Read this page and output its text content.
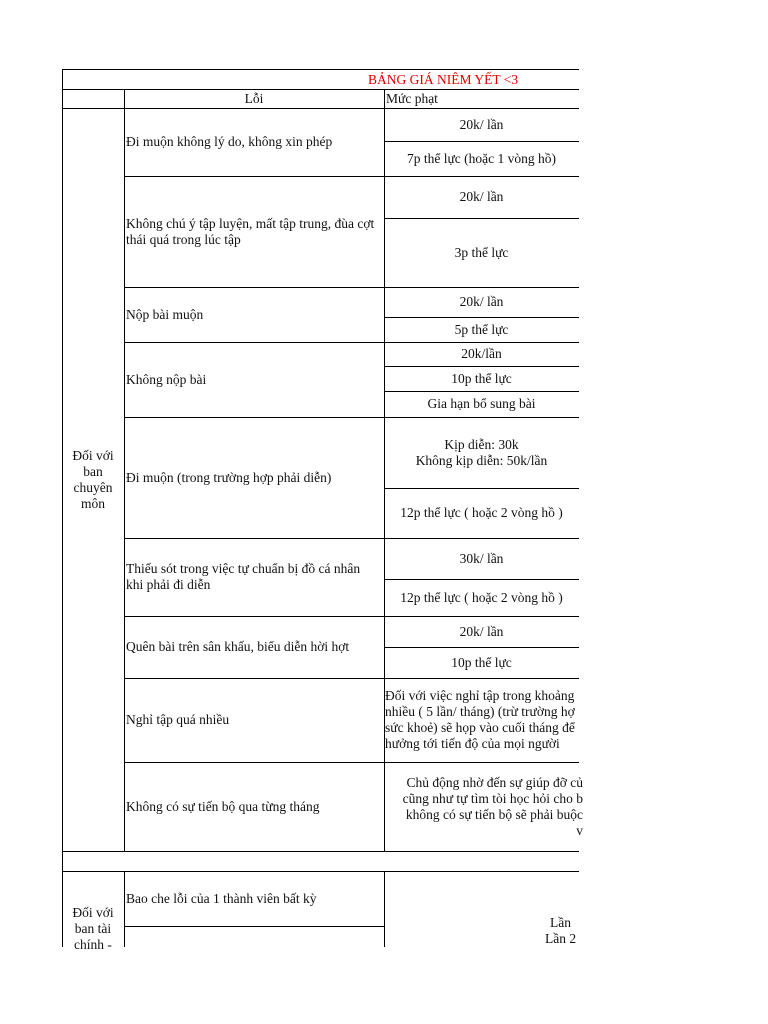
BẢNG GIÁ NIÊM YẾT <3
Lỗi	Mức phạt
Đối với
ban
chuyên
môn
Đi muộn không lý do, không xin phép
20k/ lần
7p thể lực (hoặc 1 vòng hồ)
Không chú ý tập luyện, mất tập trung, đùa cợt
thái quá trong lúc tập
20k/ lần
3p thể lực
Nộp bài muộn
20k/ lần
5p thể lực
Không nộp bài
20k/lần
10p thể lực
Gia hạn bổ sung bài
Đi muộn (trong trường hợp phải diễn)
Kịp diễn: 30k
Không kịp diễn: 50k/lần
12p thể lực ( hoặc 2 vòng hồ )
Thiếu sót trong việc tự chuẩn bị đồ cá nhân
khi phải đi diễn
30k/ lần
12p thể lực ( hoặc 2 vòng hồ )
Quên bài trên sân khấu, biểu diễn hời hợt
20k/ lần
10p thể lực
Nghỉ tập quá nhiều
Đối với việc nghỉ tập trong khoảng
nhiều ( 5 lần/ tháng) (trừ trường hợ
sức khoẻ) sẽ họp vào cuối tháng để
hưởng tới tiến độ của mọi người
Không có sự tiến bộ qua từng tháng
Chủ động nhờ đến sự giúp đỡ củ
cũng như tự tìm tòi học hỏi cho b
không có sự tiến bộ sẽ phải buộc
v
Đối với
ban tài
chính -
Bao che lỗi của 1 thành viên bất kỳ
Lần
Lần 2
